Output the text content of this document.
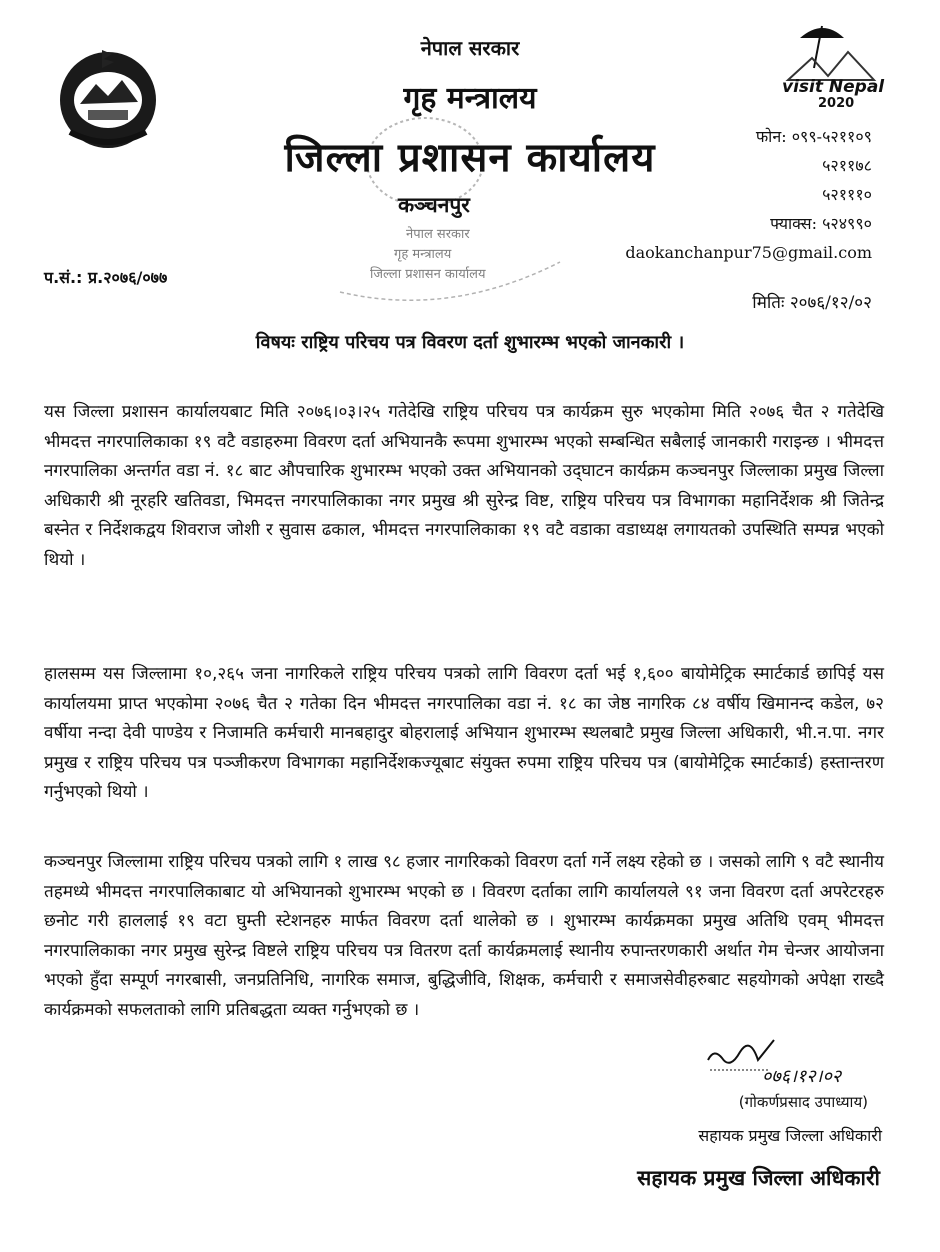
visit Nepal
2020
नेपाल सरकार
गृह मन्त्रालय
जिल्ला प्रशासन कार्यालय
नेपाल सरकार
गृह मन्त्रालय
जिल्ला प्रशासन कार्यालय
कञ्चनपुर
फोन: ०९९-५२११०९
५२११७८
५२१११०
फ्याक्स: ५२४९९०
daokanchanpur75@gmail.com
प.सं.: प्र.२०७६/०७७
मितिः २०७६/१२/०२
विषयः राष्ट्रिय परिचय पत्र विवरण दर्ता शुभारम्भ भएको जानकारी ।
यस जिल्ला प्रशासन कार्यालयबाट मिति २०७६।०३।२५ गतेदेखि राष्ट्रिय परिचय पत्र कार्यक्रम सुरु भएकोमा मिति २०७६ चैत २ गतेदेखि भीमदत्त नगरपालिकाका १९ वटै वडाहरुमा विवरण दर्ता अभियानकै रूपमा शुभारम्भ भएको सम्बन्धित सबैलाई जानकारी गराइन्छ । भीमदत्त नगरपालिका अन्तर्गत वडा नं. १८ बाट औपचारिक शुभारम्भ भएको उक्त अभियानको उद्‌घाटन कार्यक्रम कञ्चनपुर जिल्लाका प्रमुख जिल्ला अधिकारी श्री नूरहरि खतिवडा, भिमदत्त नगरपालिकाका नगर प्रमुख श्री सुरेन्द्र विष्ट, राष्ट्रिय परिचय पत्र विभागका महानिर्देशक श्री जितेन्द्र बस्नेत र निर्देशकद्वय शिवराज जोशी र सुवास ढकाल, भीमदत्त नगरपालिकाका १९ वटै वडाका वडाध्यक्ष लगायतको उपस्थिति सम्पन्न भएको थियो ।
हालसम्म यस जिल्लामा १०,२६५ जना नागरिकले राष्ट्रिय परिचय पत्रको लागि विवरण दर्ता भई १,६०० बायोमेट्रिक स्मार्टकार्ड छापिई यस कार्यालयमा प्राप्त भएकोमा २०७६ चैत २ गतेका दिन भीमदत्त नगरपालिका वडा नं. १८ का जेष्ठ नागरिक ८४ वर्षीय खिमानन्द कडेल, ७२ वर्षीया नन्दा देवी पाण्डेय र निजामति कर्मचारी मानबहादुर बोहरालाई अभियान शुभारम्भ स्थलबाटै प्रमुख जिल्ला अधिकारी, भी.न.पा. नगर प्रमुख र राष्ट्रिय परिचय पत्र पञ्जीकरण विभागका महानिर्देशकज्यूबाट संयुक्त रुपमा राष्ट्रिय परिचय पत्र (बायोमेट्रिक स्मार्टकार्ड) हस्तान्तरण गर्नुभएको थियो ।
कञ्चनपुर जिल्लामा राष्ट्रिय परिचय पत्रको लागि १ लाख ९८ हजार नागरिकको विवरण दर्ता गर्ने लक्ष्य रहेको छ । जसको लागि ९ वटै स्थानीय तहमध्ये भीमदत्त नगरपालिकाबाट यो अभियानको शुभारम्भ भएको छ । विवरण दर्ताका लागि कार्यालयले ९१ जना विवरण दर्ता अपरेटरहरु छनोट गरी हाललाई १९ वटा घुम्ती स्टेशनहरु मार्फत विवरण दर्ता थालेको छ । शुभारम्भ कार्यक्रमका प्रमुख अतिथि एवम् भीमदत्त नगरपालिकाका नगर प्रमुख सुरेन्द्र विष्टले राष्ट्रिय परिचय पत्र वितरण दर्ता कार्यक्रमलाई स्थानीय रुपान्तरणकारी अर्थात गेम चेन्जर आयोजना भएको हुँदा सम्पूर्ण नगरबासी, जनप्रतिनिधि, नागरिक समाज, बुद्धिजीवि, शिक्षक, कर्मचारी र समाजसेवीहरुबाट सहयोगको अपेक्षा राख्दै कार्यक्रमको सफलताको लागि प्रतिबद्धता व्यक्त गर्नुभएको छ ।
०७६।१२।०२
(गोकर्णप्रसाद उपाध्याय)
सहायक प्रमुख जिल्ला अधिकारी
सहायक प्रमुख जिल्ला अधिकारी
